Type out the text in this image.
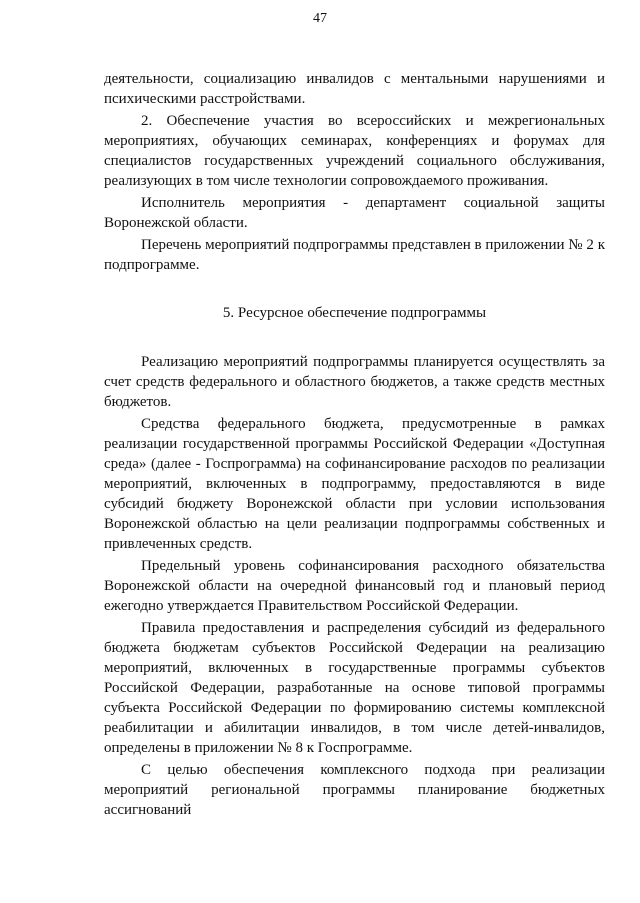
47

деятельности, социализацию инвалидов с ментальными нарушениями и психическими расстройствами.

2. Обеспечение участия во всероссийских и межрегиональных мероприятиях, обучающих семинарах, конференциях и форумах для специалистов государственных учреждений социального обслуживания, реализующих в том числе технологии сопровождаемого проживания.

Исполнитель мероприятия - департамент социальной защиты Воронежской области.

Перечень мероприятий подпрограммы представлен в приложении № 2 к подпрограмме.

5. Ресурсное обеспечение подпрограммы

Реализацию мероприятий подпрограммы планируется осуществлять за счет средств федерального и областного бюджетов, а также средств местных бюджетов.

Средства федерального бюджета, предусмотренные в рамках реализации государственной программы Российской Федерации «Доступная среда» (далее - Госпрограмма) на софинансирование расходов по реализации мероприятий, включенных в подпрограмму, предоставляются в виде субсидий бюджету Воронежской области при условии использования Воронежской областью на цели реализации подпрограммы собственных и привлеченных средств.

Предельный уровень софинансирования расходного обязательства Воронежской области на очередной финансовый год и плановый период ежегодно утверждается Правительством Российской Федерации.

Правила предоставления и распределения субсидий из федерального бюджета бюджетам субъектов Российской Федерации на реализацию мероприятий, включенных в государственные программы субъектов Российской Федерации, разработанные на основе типовой программы субъекта Российской Федерации по формированию системы комплексной реабилитации и абилитации инвалидов, в том числе детей-инвалидов, определены в приложении № 8 к Госпрограмме.

С целью обеспечения комплексного подхода при реализации мероприятий региональной программы планирование бюджетных ассигнований
